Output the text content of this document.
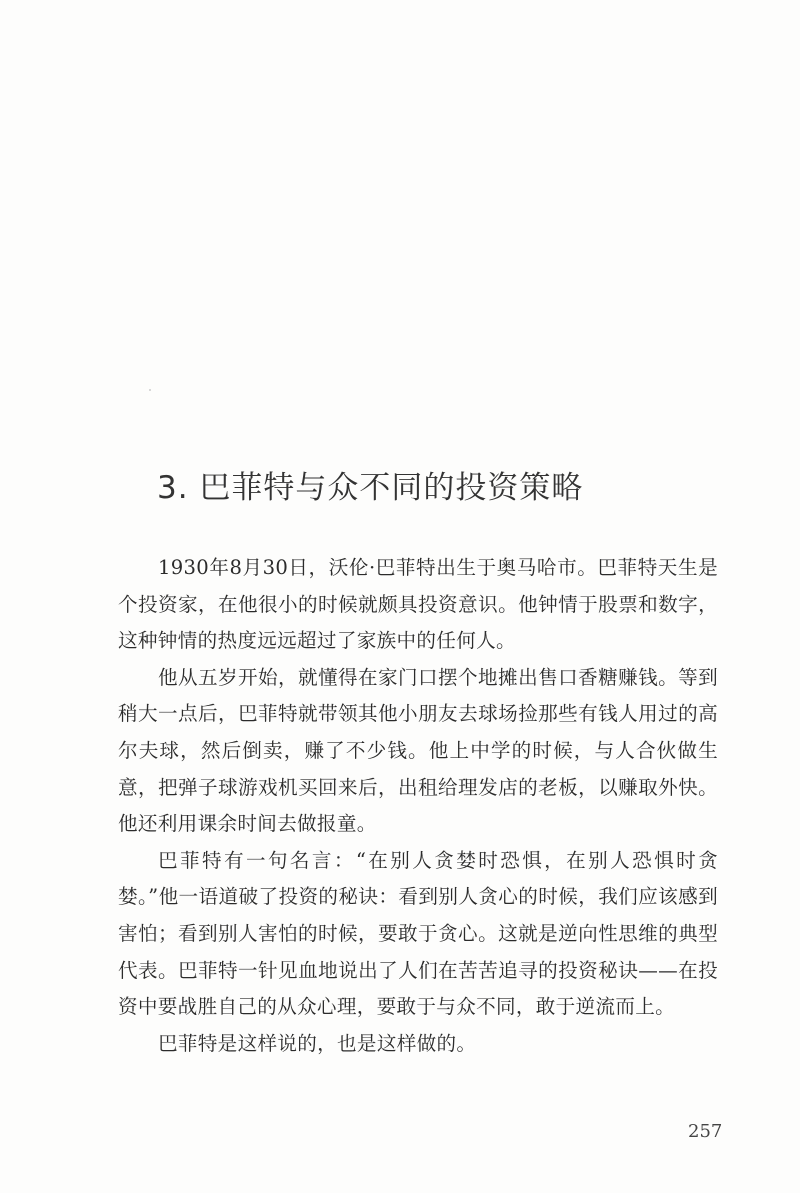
3. 巴菲特与众不同的投资策略

1930年8月30日，沃伦·巴菲特出生于奥马哈市。巴菲特天生是个投资家，在他很小的时候就颇具投资意识。他钟情于股票和数字，这种钟情的热度远远超过了家族中的任何人。

他从五岁开始，就懂得在家门口摆个地摊出售口香糖赚钱。等到稍大一点后，巴菲特就带领其他小朋友去球场捡那些有钱人用过的高尔夫球，然后倒卖，赚了不少钱。他上中学的时候，与人合伙做生意，把弹子球游戏机买回来后，出租给理发店的老板，以赚取外快。他还利用课余时间去做报童。

巴菲特有一句名言：“在别人贪婪时恐惧，在别人恐惧时贪婪。”他一语道破了投资的秘诀：看到别人贪心的时候，我们应该感到害怕；看到别人害怕的时候，要敢于贪心。这就是逆向性思维的典型代表。巴菲特一针见血地说出了人们在苦苦追寻的投资秘诀——在投资中要战胜自己的从众心理，要敢于与众不同，敢于逆流而上。

巴菲特是这样说的，也是这样做的。

257
